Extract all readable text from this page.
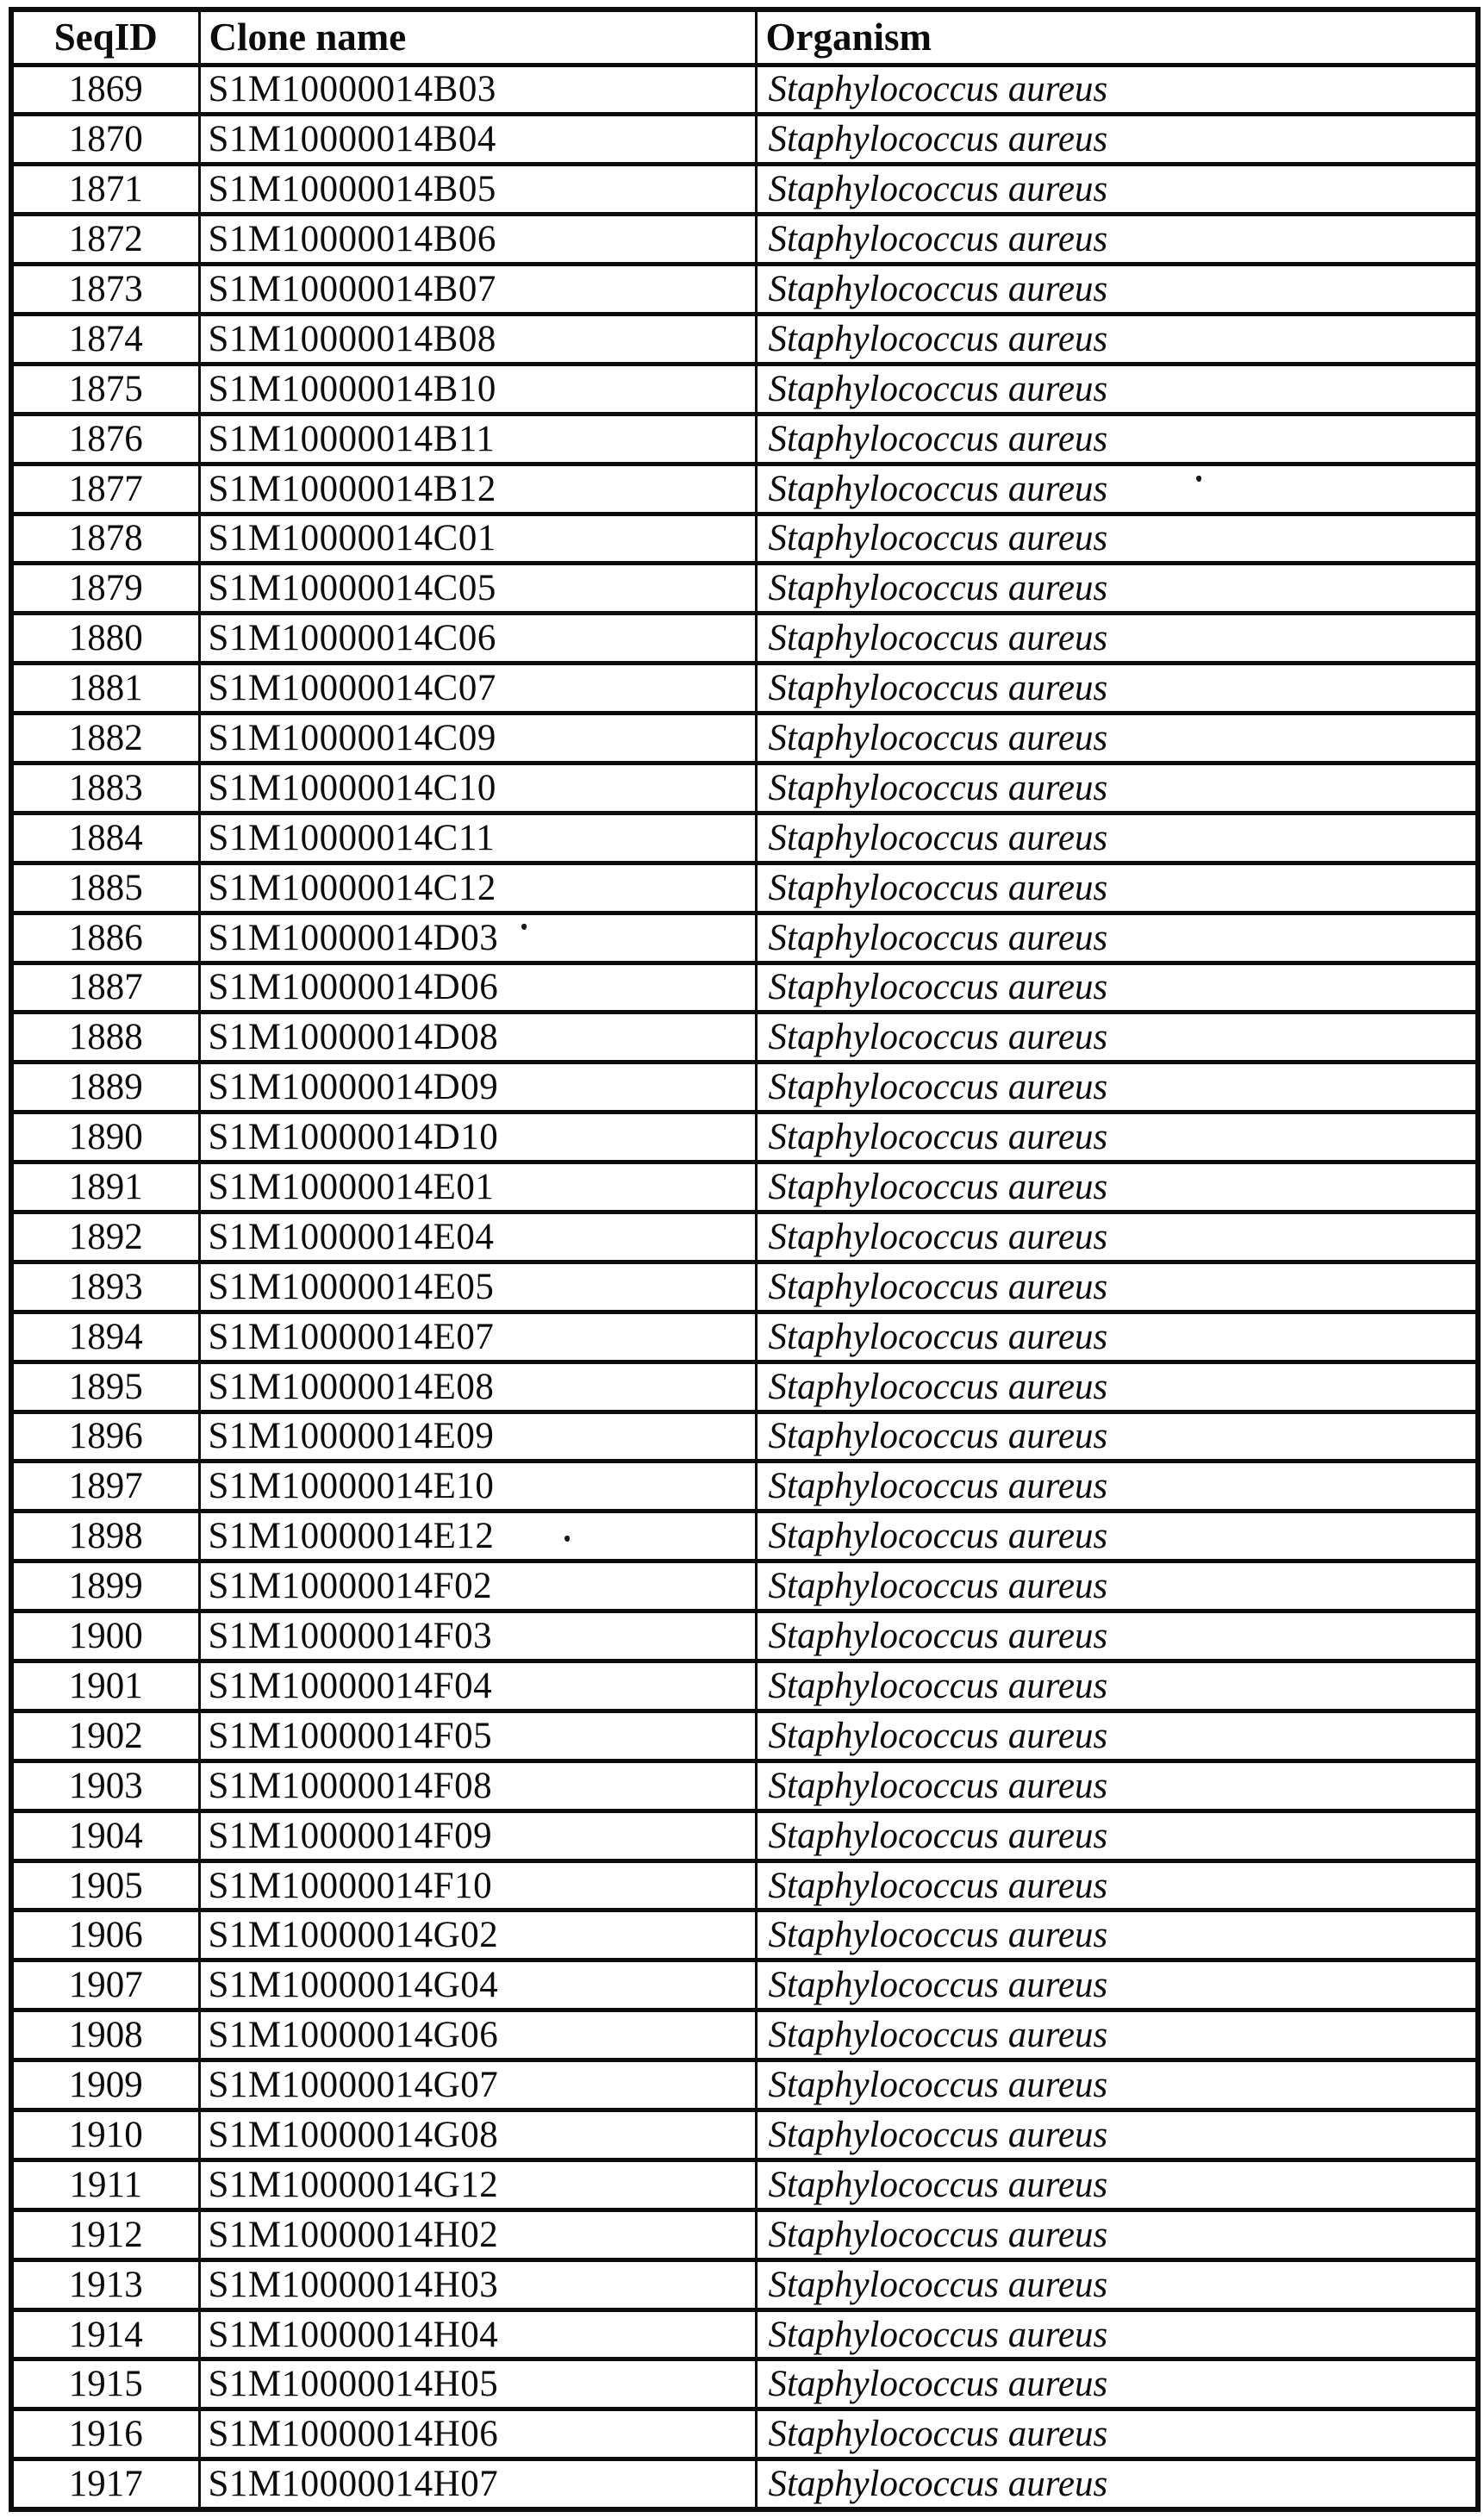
SeqID	Clone name	Organism
1869	S1M10000014B03	Staphylococcus aureus
1870	S1M10000014B04	Staphylococcus aureus
1871	S1M10000014B05	Staphylococcus aureus
1872	S1M10000014B06	Staphylococcus aureus
1873	S1M10000014B07	Staphylococcus aureus
1874	S1M10000014B08	Staphylococcus aureus
1875	S1M10000014B10	Staphylococcus aureus
1876	S1M10000014B11	Staphylococcus aureus
1877	S1M10000014B12	Staphylococcus aureus
1878	S1M10000014C01	Staphylococcus aureus
1879	S1M10000014C05	Staphylococcus aureus
1880	S1M10000014C06	Staphylococcus aureus
1881	S1M10000014C07	Staphylococcus aureus
1882	S1M10000014C09	Staphylococcus aureus
1883	S1M10000014C10	Staphylococcus aureus
1884	S1M10000014C11	Staphylococcus aureus
1885	S1M10000014C12	Staphylococcus aureus
1886	S1M10000014D03	Staphylococcus aureus
1887	S1M10000014D06	Staphylococcus aureus
1888	S1M10000014D08	Staphylococcus aureus
1889	S1M10000014D09	Staphylococcus aureus
1890	S1M10000014D10	Staphylococcus aureus
1891	S1M10000014E01	Staphylococcus aureus
1892	S1M10000014E04	Staphylococcus aureus
1893	S1M10000014E05	Staphylococcus aureus
1894	S1M10000014E07	Staphylococcus aureus
1895	S1M10000014E08	Staphylococcus aureus
1896	S1M10000014E09	Staphylococcus aureus
1897	S1M10000014E10	Staphylococcus aureus
1898	S1M10000014E12	Staphylococcus aureus
1899	S1M10000014F02	Staphylococcus aureus
1900	S1M10000014F03	Staphylococcus aureus
1901	S1M10000014F04	Staphylococcus aureus
1902	S1M10000014F05	Staphylococcus aureus
1903	S1M10000014F08	Staphylococcus aureus
1904	S1M10000014F09	Staphylococcus aureus
1905	S1M10000014F10	Staphylococcus aureus
1906	S1M10000014G02	Staphylococcus aureus
1907	S1M10000014G04	Staphylococcus aureus
1908	S1M10000014G06	Staphylococcus aureus
1909	S1M10000014G07	Staphylococcus aureus
1910	S1M10000014G08	Staphylococcus aureus
1911	S1M10000014G12	Staphylococcus aureus
1912	S1M10000014H02	Staphylococcus aureus
1913	S1M10000014H03	Staphylococcus aureus
1914	S1M10000014H04	Staphylococcus aureus
1915	S1M10000014H05	Staphylococcus aureus
1916	S1M10000014H06	Staphylococcus aureus
1917	S1M10000014H07	Staphylococcus aureus
